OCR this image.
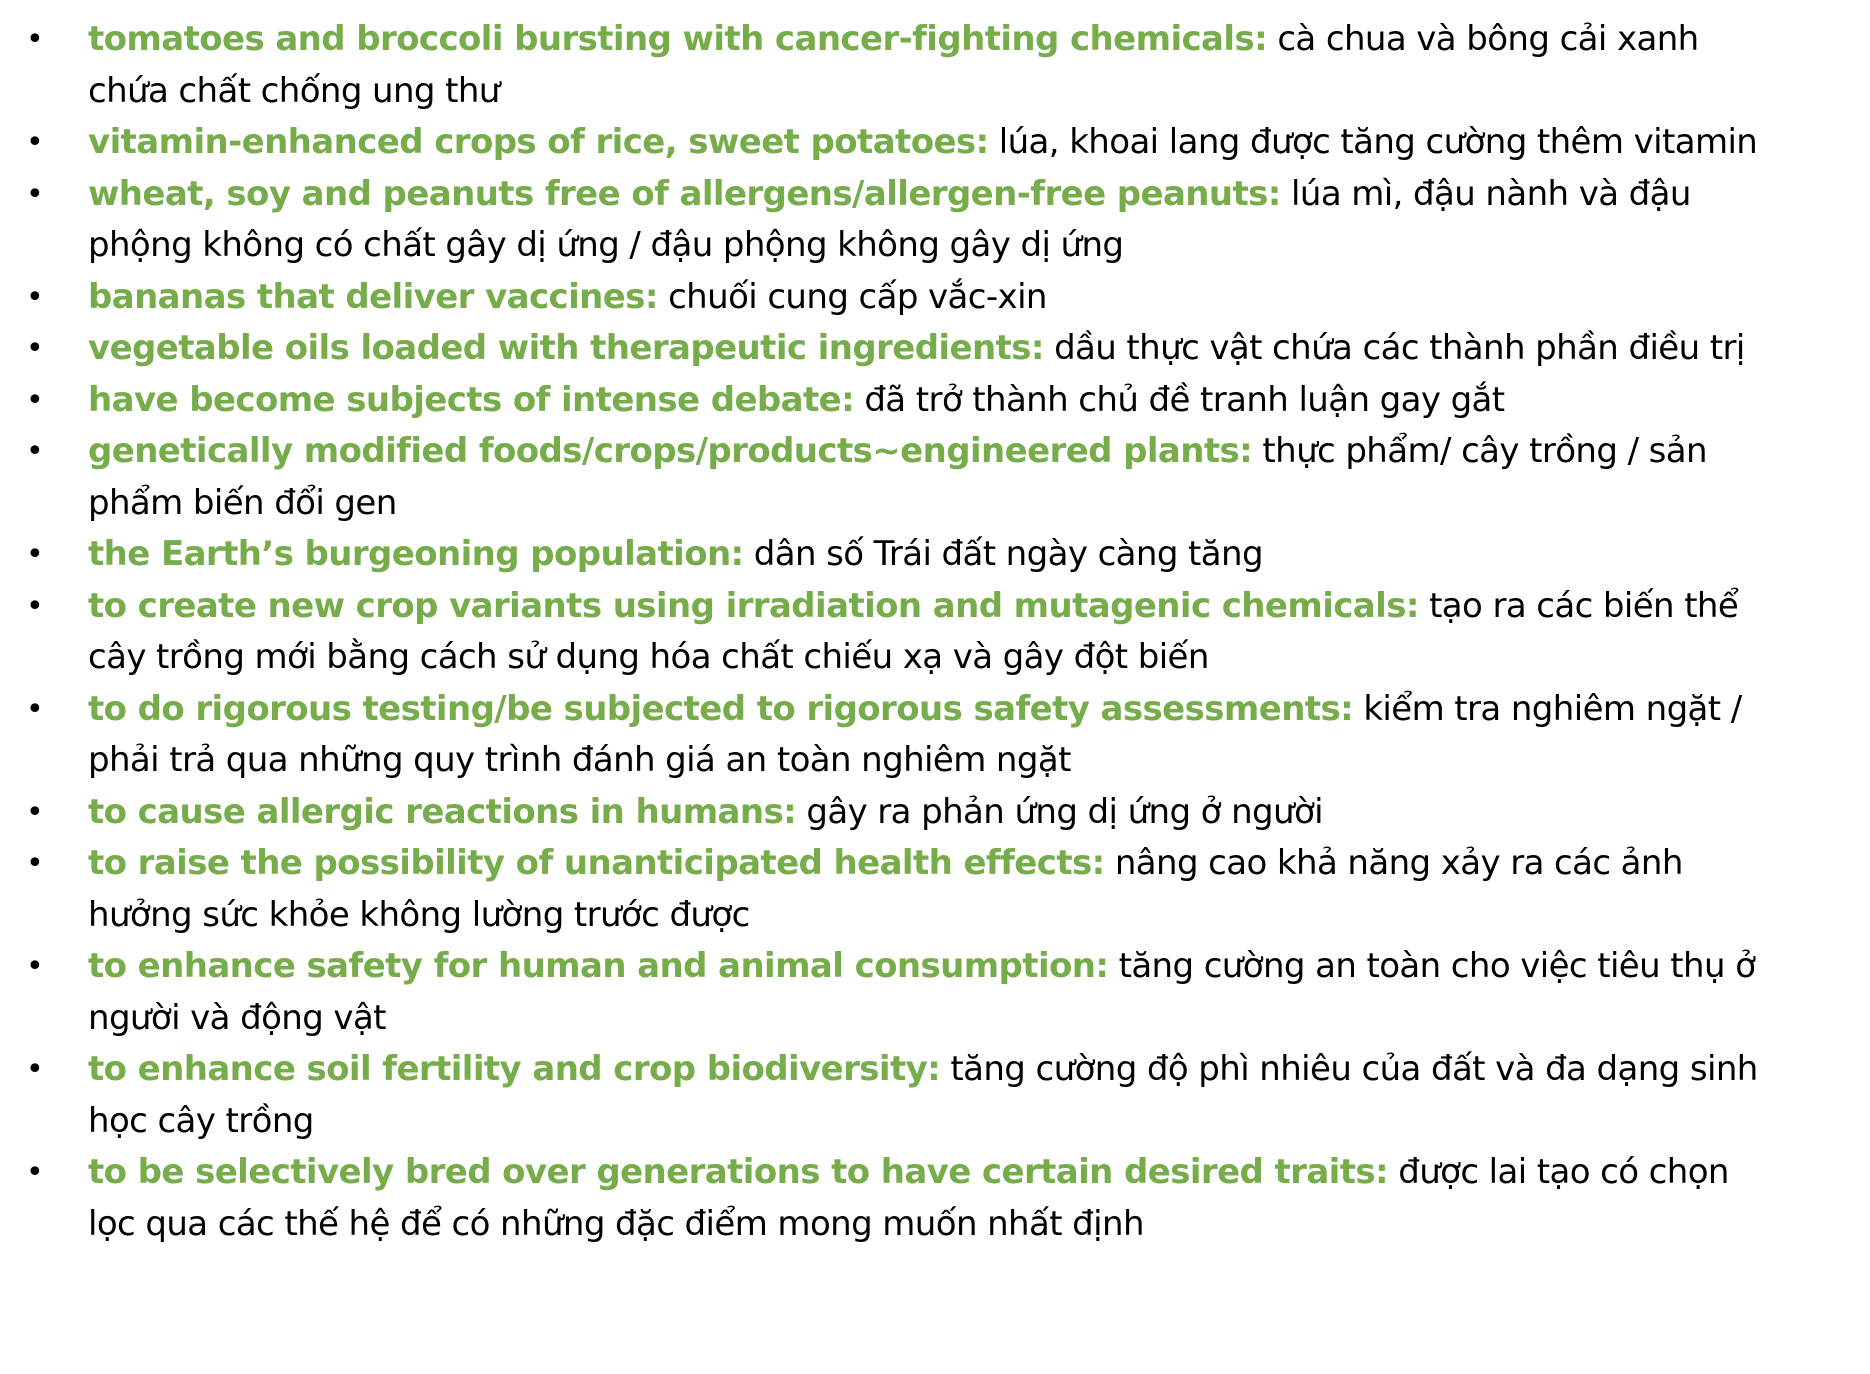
• tomatoes and broccoli bursting with cancer-fighting chemicals: cà chua và bông cải xanh chứa chất chống ung thư
• vitamin-enhanced crops of rice, sweet potatoes: lúa, khoai lang được tăng cường thêm vitamin
• wheat, soy and peanuts free of allergens/allergen-free peanuts: lúa mì, đậu nành và đậu phộng không có chất gây dị ứng / đậu phộng không gây dị ứng
• bananas that deliver vaccines: chuối cung cấp vắc-xin
• vegetable oils loaded with therapeutic ingredients: dầu thực vật chứa các thành phần điều trị
• have become subjects of intense debate: đã trở thành chủ đề tranh luận gay gắt
• genetically modified foods/crops/products~engineered plants: thực phẩm/ cây trồng / sản phẩm biến đổi gen
• the Earth’s burgeoning population: dân số Trái đất ngày càng tăng
• to create new crop variants using irradiation and mutagenic chemicals: tạo ra các biến thể cây trồng mới bằng cách sử dụng hóa chất chiếu xạ và gây đột biến
• to do rigorous testing/be subjected to rigorous safety assessments: kiểm tra nghiêm ngặt / phải trả qua những quy trình đánh giá an toàn nghiêm ngặt
• to cause allergic reactions in humans: gây ra phản ứng dị ứng ở người
• to raise the possibility of unanticipated health effects: nâng cao khả năng xảy ra các ảnh hưởng sức khỏe không lường trước được
• to enhance safety for human and animal consumption: tăng cường an toàn cho việc tiêu thụ ở người và động vật
• to enhance soil fertility and crop biodiversity: tăng cường độ phì nhiêu của đất và đa dạng sinh học cây trồng
• to be selectively bred over generations to have certain desired traits: được lai tạo có chọn lọc qua các thế hệ để có những đặc điểm mong muốn nhất định
